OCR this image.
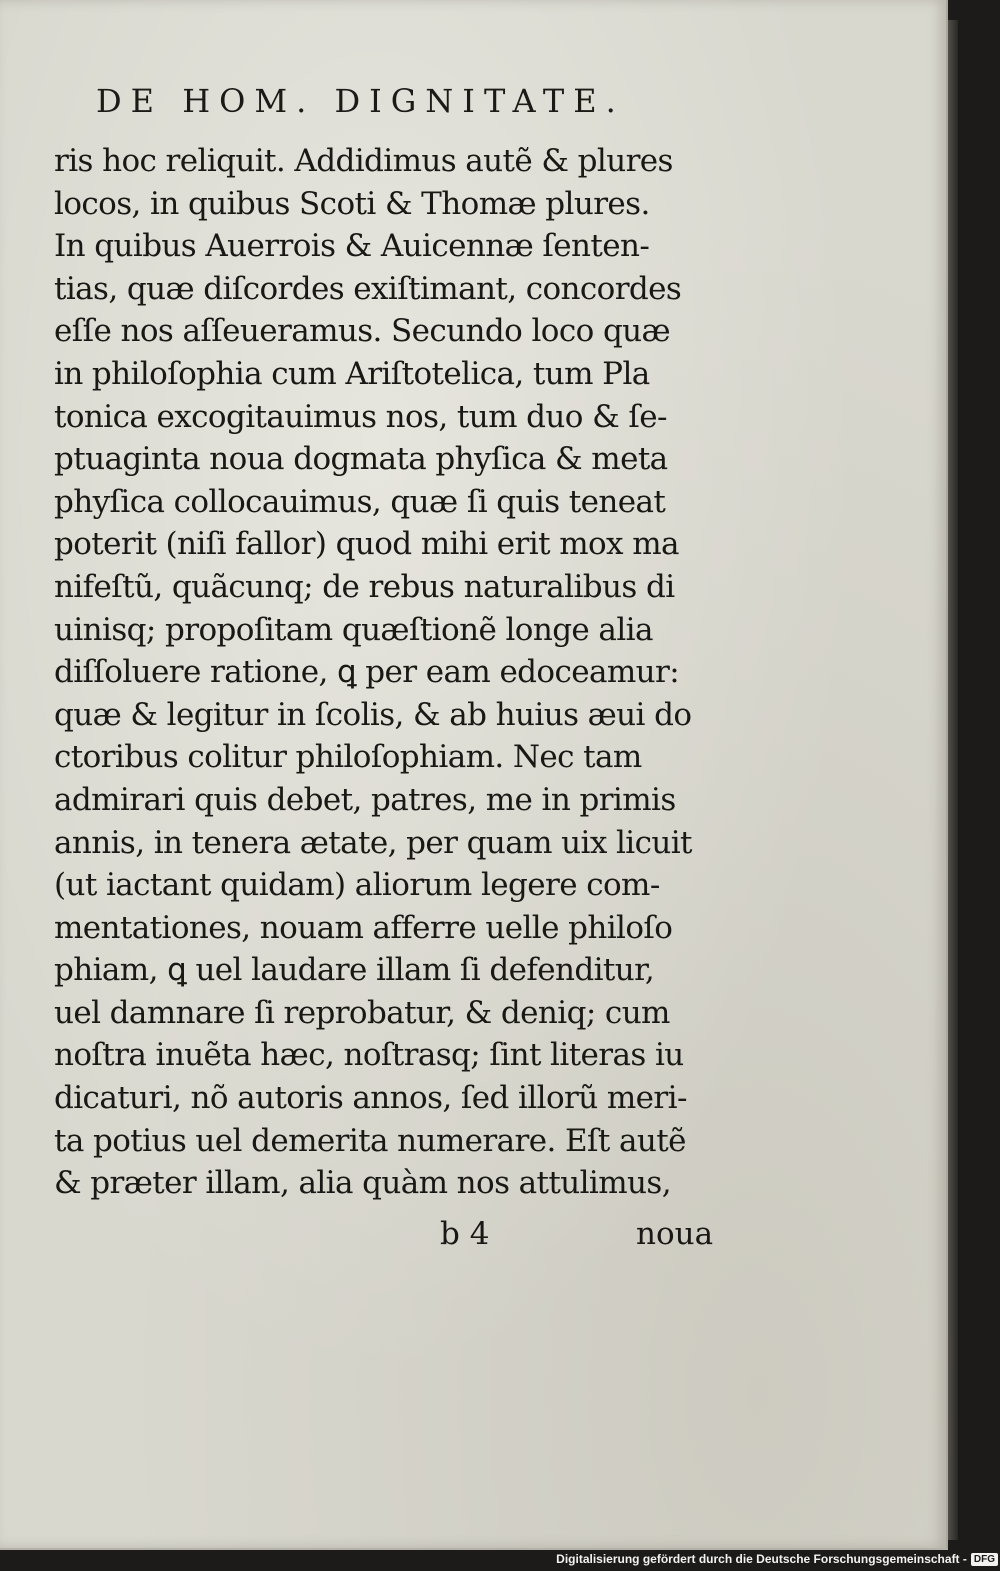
DE HOM. DIGNITATE.
ris hoc reliquit. Addidimus autẽ & plures
locos, in quibus Scoti & Thomæ plures.
In quibus Auerrois & Auicennæ ſenten-
tias, quæ diſcordes exiſtimant, concordes
eſſe nos aſſeueramus. Secundo loco quæ
in philoſophia cum Ariſtotelica, tum Pla
tonica excogitauimus nos, tum duo & ſe-
ptuaginta noua dogmata phyſica & meta
phyſica collocauimus, quæ ſi quis teneat
poterit (niſi fallor) quod mihi erit mox ma
nifeſtũ, quãcunq; de rebus naturalibus di
uinisq; propoſitam quæſtionẽ longe alia
diſſoluere ratione, ꝗ per eam edoceamur:
quæ & legitur in ſcolis, & ab huius æui do
ctoribus colitur philoſophiam. Nec tam
admirari quis debet, patres, me in primis
annis, in tenera ætate, per quam uix licuit
(ut iactant quidam) aliorum legere com-
mentationes, nouam afferre uelle philoſo
phiam, ꝗ uel laudare illam ſi defenditur,
uel damnare ſi reprobatur, & deniq; cum
noſtra inuẽta hæc, noſtrasq; ſint literas iu
dicaturi, nõ autoris annos, ſed illorũ meri-
ta potius uel demerita numerare. Eſt autẽ
& præter illam, alia quàm nos attulimus,
b 4	noua
Digitalisierung gefördert durch die Deutsche Forschungsgemeinschaft - DFG
